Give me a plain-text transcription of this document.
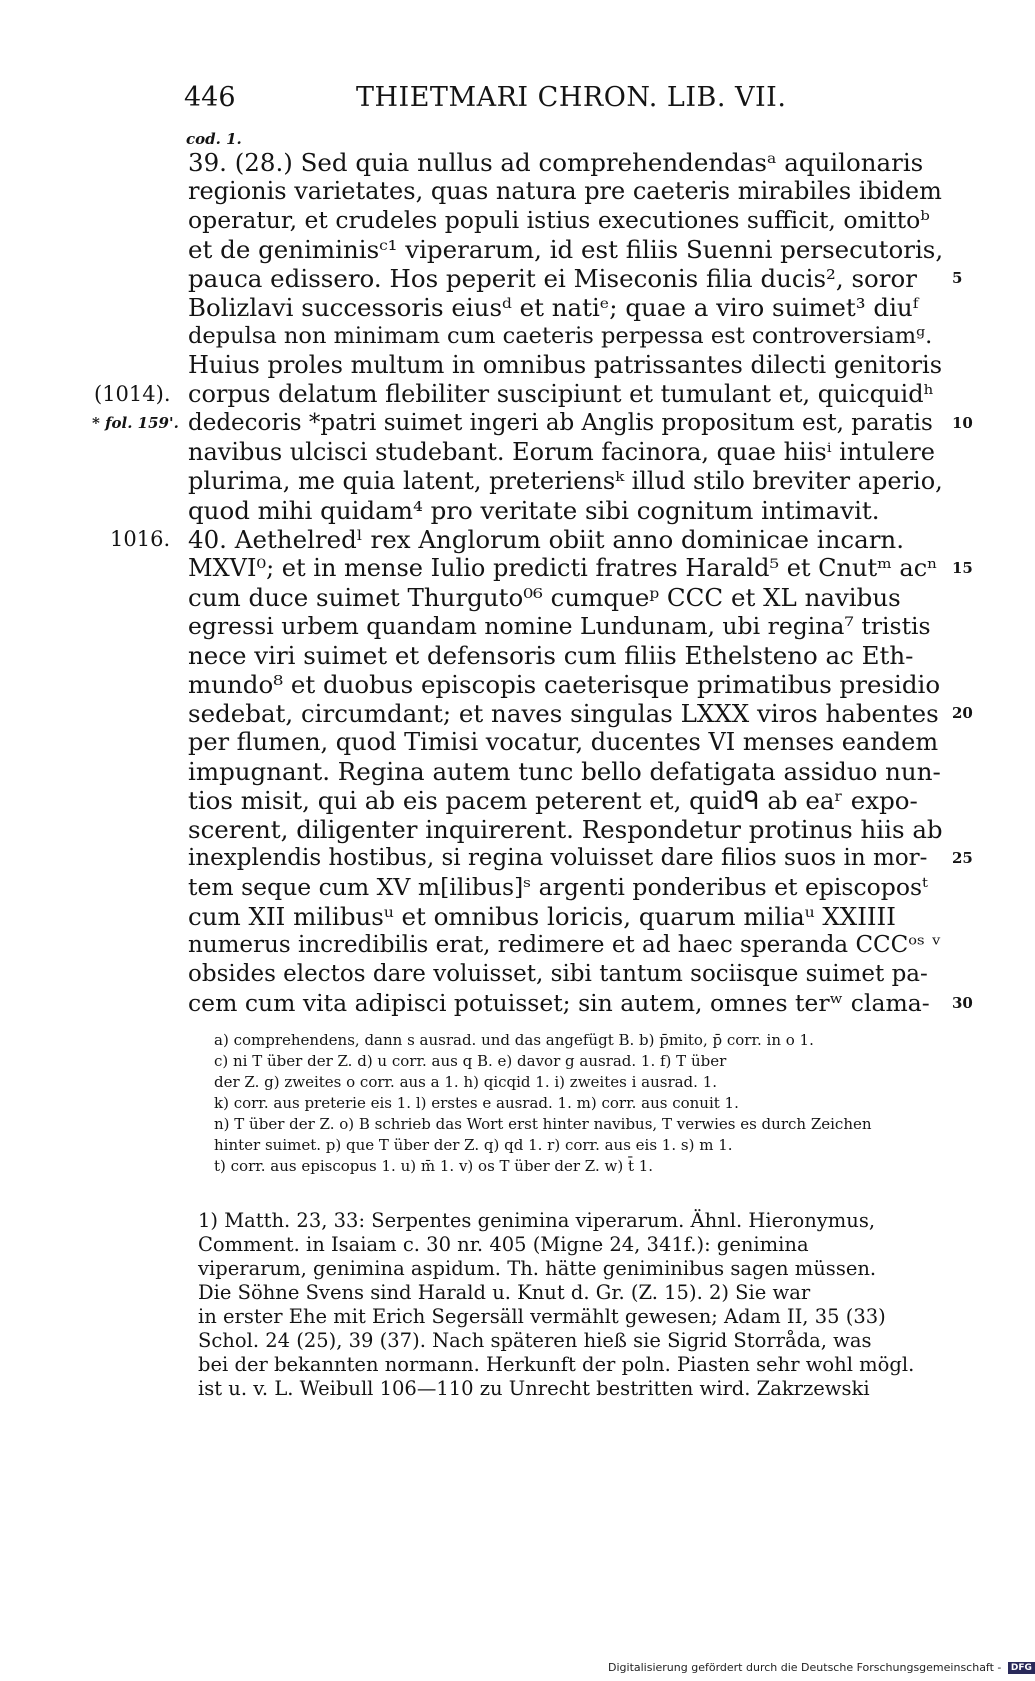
446	THIETMARI CHRON. LIB. VII.
cod. 1.
39. (28.) Sed quia nullus ad comprehendendasᵃ aquilonaris
regionis varietates, quas natura pre caeteris mirabiles ibidem
operatur, et crudeles populi istius executiones sufficit, omittoᵇ
et de geniminisᶜ¹ viperarum, id est filiis Suenni persecutoris,
pauca edissero. Hos peperit ei Miseconis filia ducis², soror
Bolizlavi successoris eiusᵈ et natiᵉ; quae a viro suimet³ diuᶠ
depulsa non minimam cum caeteris perpessa est controversiamᵍ.
Huius proles multum in omnibus patrissantes dilecti genitoris
corpus delatum flebiliter suscipiunt et tumulant et, quicquidʰ
dedecoris *patri suimet ingeri ab Anglis propositum est, paratis
navibus ulcisci studebant. Eorum facinora, quae hiisⁱ intulere
plurima, me quia latent, preteriensᵏ illud stilo breviter aperio,
quod mihi quidam⁴ pro veritate sibi cognitum intimavit.
40. Aethelredˡ rex Anglorum obiit anno dominicae incarn.
MXVI⁰; et in mense Iulio predicti fratres Harald⁵ et Cnutᵐ acⁿ
cum duce suimet Thurguto⁰⁶ cumqueᵖ CCC et XL navibus
egressi urbem quandam nomine Lundunam, ubi regina⁷ tristis
nece viri suimet et defensoris cum filiis Ethelsteno ac Eth-
mundo⁸ et duobus episcopis caeterisque primatibus presidio
sedebat, circumdant; et naves singulas LXXX viros habentes
per flumen, quod Timisi vocatur, ducentes VI menses eandem
impugnant. Regina autem tunc bello defatigata assiduo nun-
tios misit, qui ab eis pacem peterent et, quidᑫ ab eaʳ expo-
scerent, diligenter inquirerent. Respondetur protinus hiis ab
inexplendis hostibus, si regina voluisset dare filios suos in mor-
tem seque cum XV m[ilibus]ˢ argenti ponderibus et episcoposᵗ
cum XII milibusᵘ et omnibus loricis, quarum miliaᵘ XXIIII
numerus incredibilis erat, redimere et ad haec speranda CCCᵒˢ ᵛ
obsides electos dare voluisset, sibi tantum sociisque suimet pa-
cem cum vita adipisci potuisset; sin autem, omnes terʷ clama-
5
10
15
20
25
30
(1014).
* fol. 159'.
1016.
a) comprehendens, dann s ausrad. und das angefügt B. b) p̄mito, p̄ corr. in o 1.
c) ni T über der Z. d) u corr. aus q B. e) davor g ausrad. 1. f) T über
der Z. g) zweites o corr. aus a 1. h) qicqid 1. i) zweites i ausrad. 1.
k) corr. aus preterie eis 1. l) erstes e ausrad. 1. m) corr. aus conuit 1.
n) T über der Z. o) B schrieb das Wort erst hinter navibus, T verwies es durch Zeichen
hinter suimet. p) que T über der Z. q) qd 1. r) corr. aus eis 1. s) m 1.
t) corr. aus episcopus 1. u) m̄ 1. v) os T über der Z. w) t̄ 1.
1) Matth. 23, 33: Serpentes genimina viperarum. Ähnl. Hieronymus,
Comment. in Isaiam c. 30 nr. 405 (Migne 24, 341f.): genimina
viperarum, genimina aspidum. Th. hätte geniminibus sagen müssen.
Die Söhne Svens sind Harald u. Knut d. Gr. (Z. 15). 2) Sie war
in erster Ehe mit Erich Segersäll vermählt gewesen; Adam II, 35 (33)
Schol. 24 (25), 39 (37). Nach späteren hieß sie Sigrid Storråda, was
bei der bekannten normann. Herkunft der poln. Piasten sehr wohl mögl.
ist u. v. L. Weibull 106—110 zu Unrecht bestritten wird. Zakrzewski
Digitalisierung gefördert durch die Deutsche Forschungsgemeinschaft - DFG
